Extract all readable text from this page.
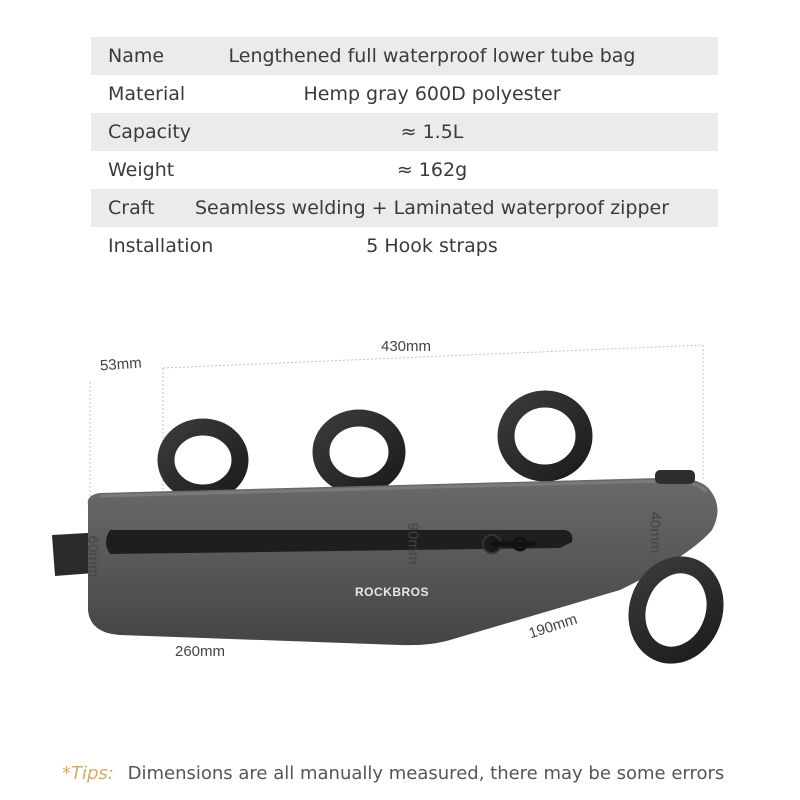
Name	Lengthened full waterproof lower tube bag
Material	Hemp gray 600D polyester
Capacity	≈ 1.5L
Weight	≈ 162g
Craft Seamless welding + Laminated waterproof zipper
Installation	5 Hook straps
430mm
53mm
60mm	90mm	40mm
260mm
190mm
ROCKBROS
*Tips: Dimensions are all manually measured, there may be some errors
